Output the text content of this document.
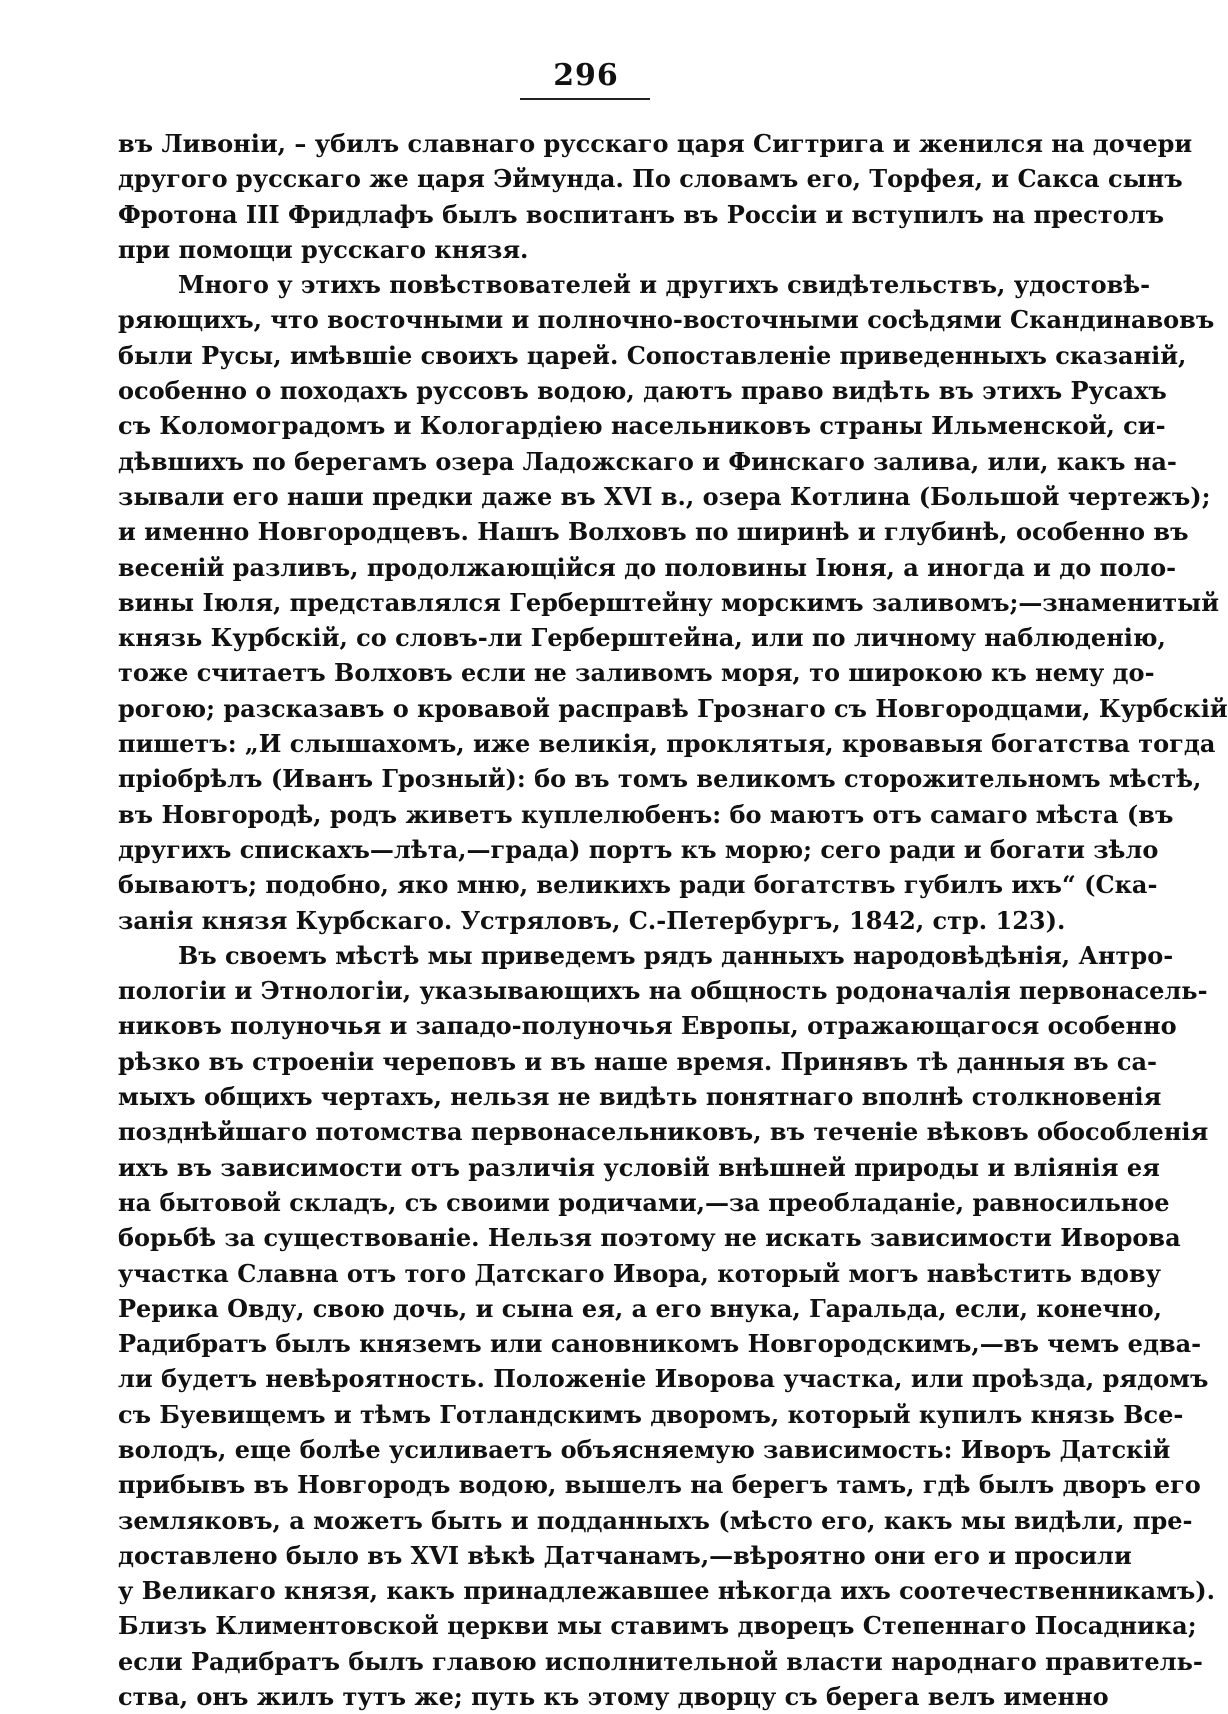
296
въ Ливоніи, – убилъ славнаго русскаго царя Сигтрига и женился на дочери
другого русскаго же царя Эймунда. По словамъ его, Торфея, и Сакса сынъ
Фротона III Фридлафъ былъ воспитанъ въ Россіи и вступилъ на престолъ
при помощи русскаго князя.
Много у этихъ повѣствователей и другихъ свидѣтельствъ, удостовѣ-
ряющихъ, что восточными и полночно-восточными сосѣдями Скандинавовъ
были Русы, имѣвшіе своихъ царей. Сопоставленіе приведенныхъ сказаній,
особенно о походахъ руссовъ водою, даютъ право видѣть въ этихъ Русахъ
съ Коломоградомъ и Кологардіею насельниковъ страны Ильменской, си-
дѣвшихъ по берегамъ озера Ладожскаго и Финскаго залива, или, какъ на-
зывали его наши предки даже въ XVI в., озера Котлина (Большой чертежъ);
и именно Новгородцевъ. Нашъ Волховъ по ширинѣ и глубинѣ, особенно въ
весеній разливъ, продолжающійся до половины Іюня, а иногда и до поло-
вины Іюля, представлялся Герберштейну морскимъ заливомъ;—знаменитый
князь Курбскій, со словъ-ли Герберштейна, или по личному наблюденію,
тоже считаетъ Волховъ если не заливомъ моря, то широкою къ нему до-
рогою; разсказавъ о кровавой расправѣ Грознаго съ Новгородцами, Курбскій
пишетъ: „И слышахомъ, иже великія, проклятыя, кровавыя богатства тогда
пріобрѣлъ (Иванъ Грозный): бо въ томъ великомъ сторожительномъ мѣстѣ,
въ Новгородѣ, родъ живетъ куплелюбенъ: бо маютъ отъ самаго мѣста (въ
другихъ спискахъ—лѣта,—града) портъ къ морю; сего ради и богати зѣло
бываютъ; подобно, яко мню, великихъ ради богатствъ губилъ ихъ“ (Ска-
занія князя Курбскаго. Устряловъ, С.-Петербургъ, 1842, стр. 123).
Въ своемъ мѣстѣ мы приведемъ рядъ данныхъ народовѣдѣнія, Антро-
пологіи и Этнологіи, указывающихъ на общность родоначалія первонасель-
никовъ полуночья и западо-полуночья Европы, отражающагося особенно
рѣзко въ строеніи череповъ и въ наше время. Принявъ тѣ данныя въ са-
мыхъ общихъ чертахъ, нельзя не видѣть понятнаго вполнѣ столкновенія
позднѣйшаго потомства первонасельниковъ, въ теченіе вѣковъ обособленія
ихъ въ зависимости отъ различія условій внѣшней природы и вліянія ея
на бытовой складъ, съ своими родичами,—за преобладаніе, равносильное
борьбѣ за существованіе. Нельзя поэтому не искать зависимости Иворова
участка Славна отъ того Датскаго Ивора, который могъ навѣстить вдову
Рерика Овду, свою дочь, и сына ея, а его внука, Гаральда, если, конечно,
Радибратъ былъ княземъ или сановникомъ Новгородскимъ,—въ чемъ едва-
ли будетъ невѣроятность. Положеніе Иворова участка, или проѣзда, рядомъ
съ Буевищемъ и тѣмъ Готландскимъ дворомъ, который купилъ князь Все-
володъ, еще болѣе усиливаетъ объясняемую зависимость: Иворъ Датскій
прибывъ въ Новгородъ водою, вышелъ на берегъ тамъ, гдѣ былъ дворъ его
земляковъ, а можетъ быть и подданныхъ (мѣсто его, какъ мы видѣли, пре-
доставлено было въ XVI вѣкѣ Датчанамъ,—вѣроятно они его и просили
у Великаго князя, какъ принадлежавшее нѣкогда ихъ соотечественникамъ).
Близъ Климентовской церкви мы ставимъ дворецъ Степеннаго Посадника;
если Радибратъ былъ главою исполнительной власти народнаго правитель-
ства, онъ жилъ тутъ же; путь къ этому дворцу съ берега велъ именно
